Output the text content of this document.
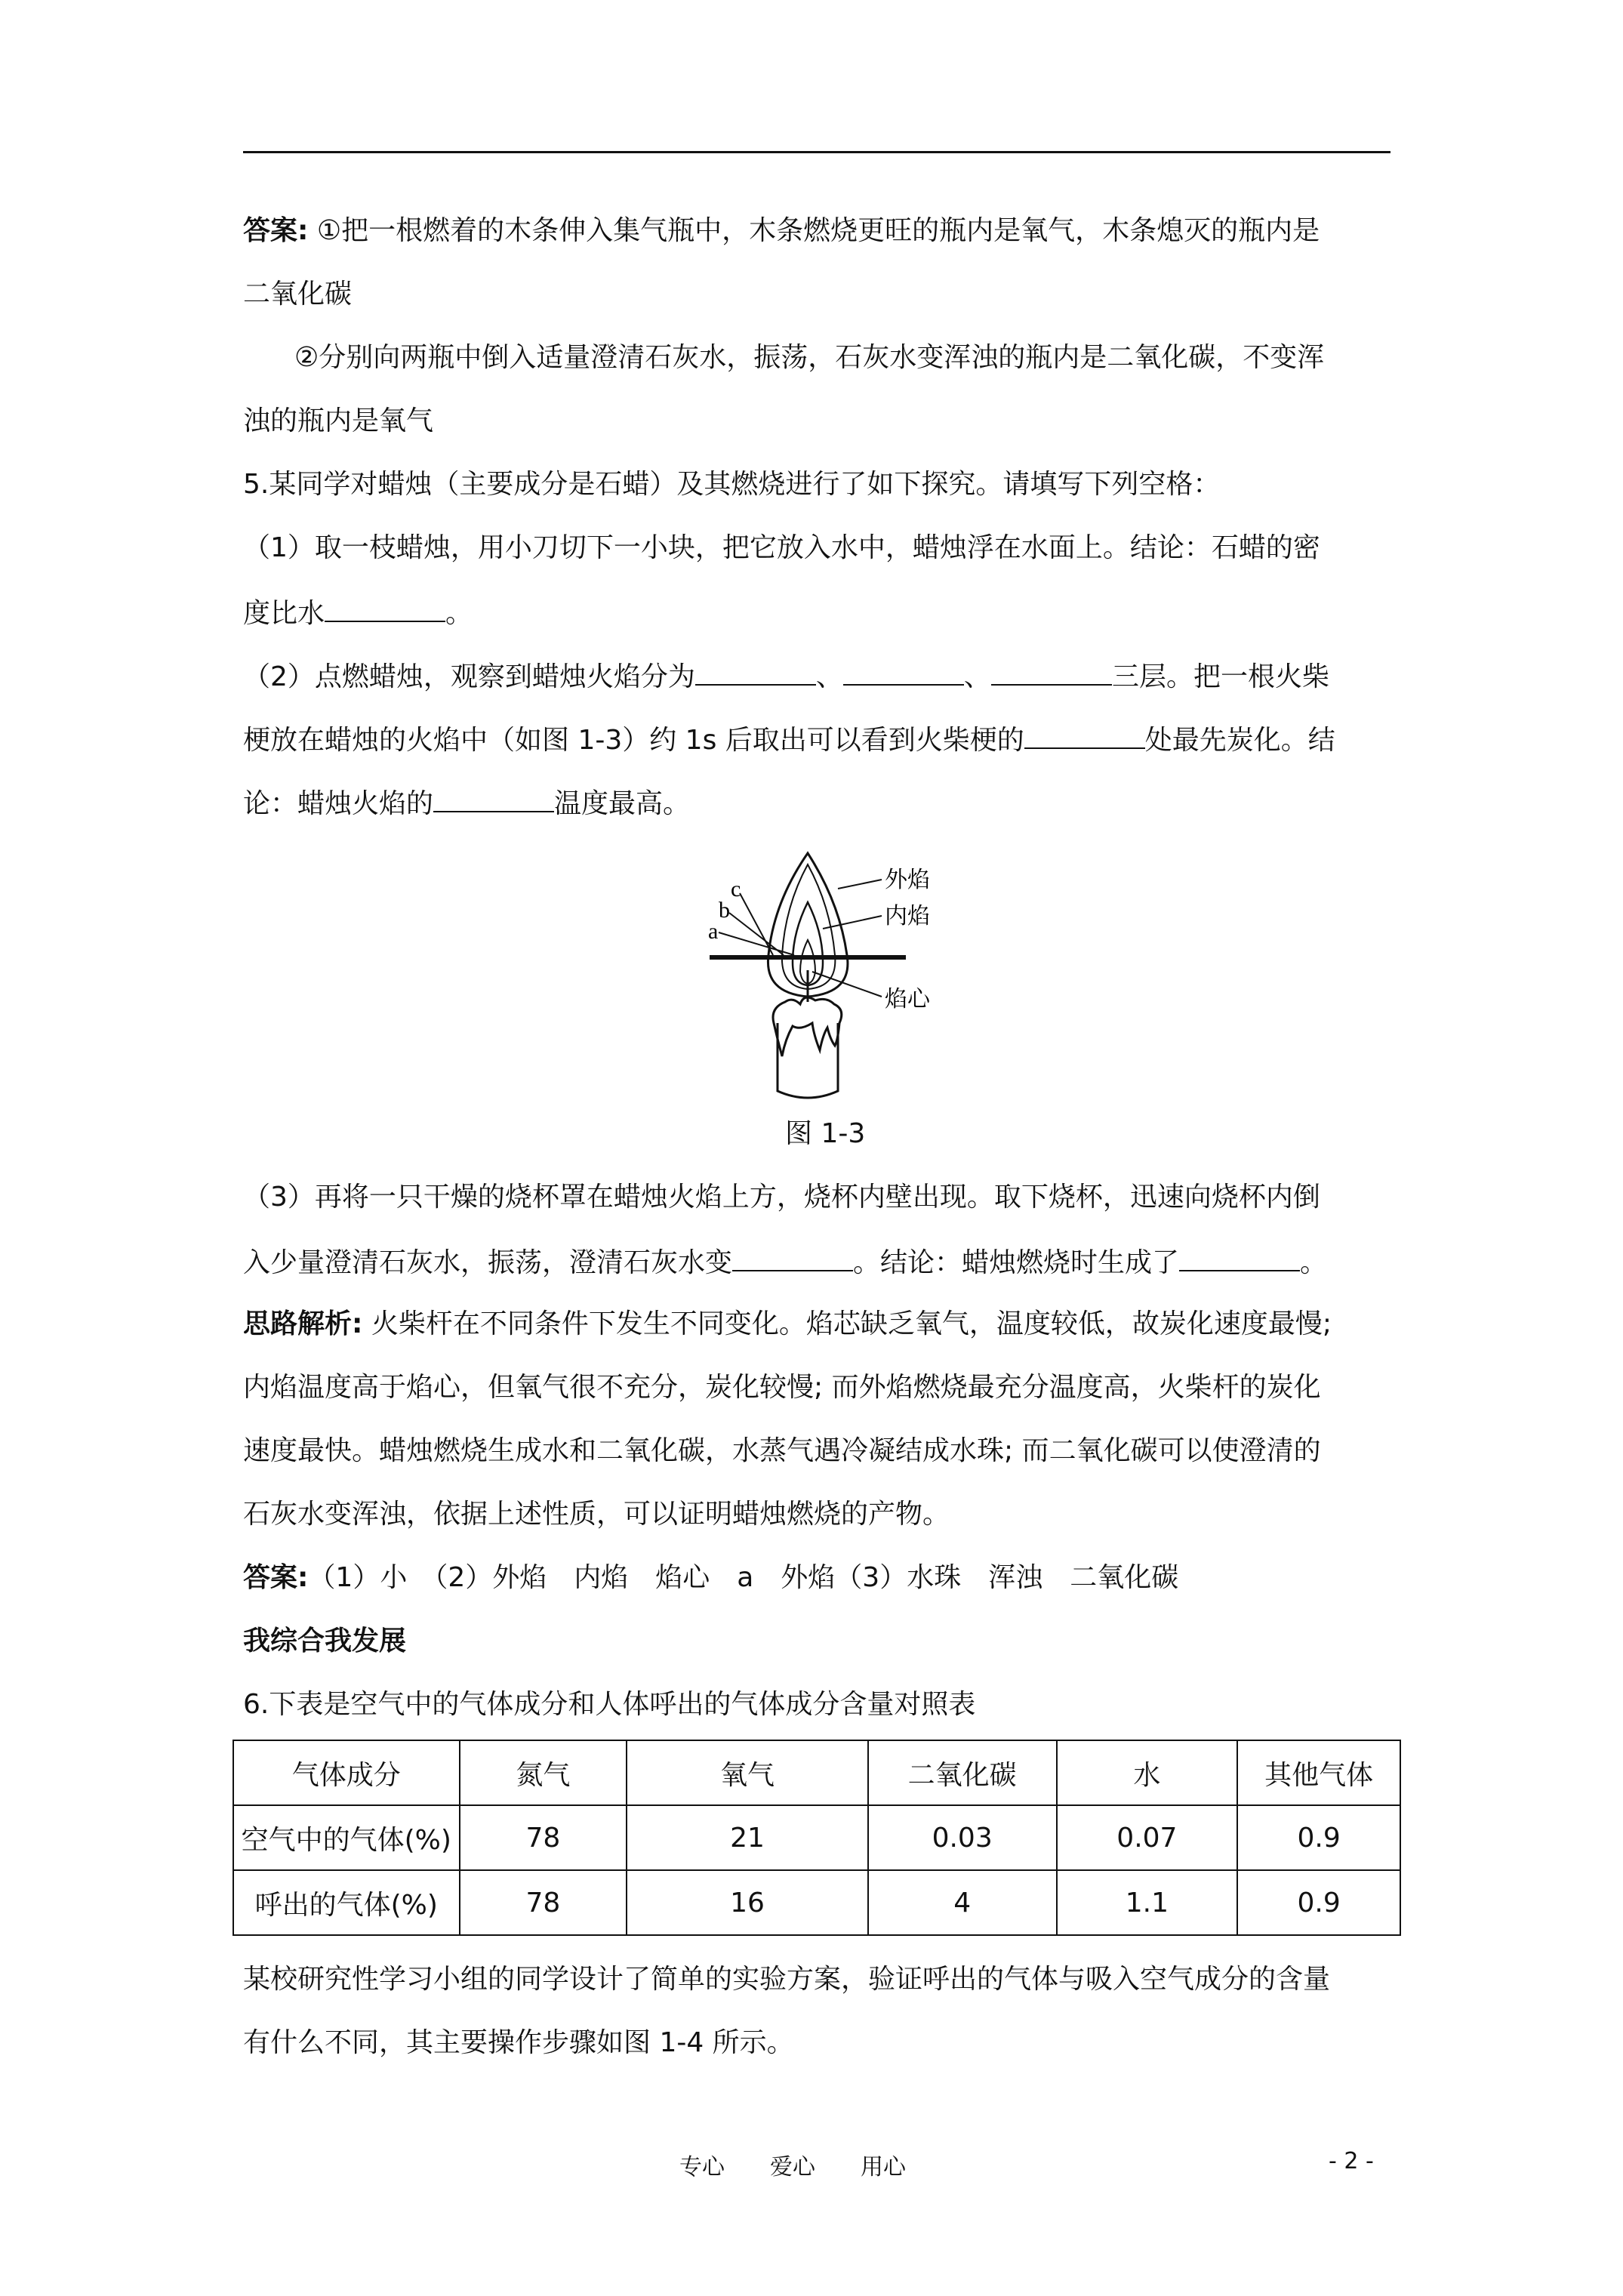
答案: ①把一根燃着的木条伸入集气瓶中，木条燃烧更旺的瓶内是氧气，木条熄灭的瓶内是
二氧化碳
②分别向两瓶中倒入适量澄清石灰水，振荡，石灰水变浑浊的瓶内是二氧化碳，不变浑
浊的瓶内是氧气
5.某同学对蜡烛（主要成分是石蜡）及其燃烧进行了如下探究。请填写下列空格：
（1）取一枝蜡烛，用小刀切下一小块，把它放入水中，蜡烛浮在水面上。结论：石蜡的密
度比水	。
（2）点燃蜡烛，观察到蜡烛火焰分为	、	、	三层。把一根火柴
梗放在蜡烛的火焰中（如图 1-3）约 1s 后取出可以看到火柴梗的	处最先炭化。结
论：蜡烛火焰的	温度最高。
a
b
c	外焰
内焰
焰心
图 1-3
（3）再将一只干燥的烧杯罩在蜡烛火焰上方，烧杯内壁出现。取下烧杯，迅速向烧杯内倒
入少量澄清石灰水，振荡，澄清石灰水变	。结论：蜡烛燃烧时生成了	。
思路解析: 火柴杆在不同条件下发生不同变化。焰芯缺乏氧气，温度较低，故炭化速度最慢;
内焰温度高于焰心，但氧气很不充分，炭化较慢; 而外焰燃烧最充分温度高，火柴杆的炭化
速度最快。蜡烛燃烧生成水和二氧化碳，水蒸气遇冷凝结成水珠; 而二氧化碳可以使澄清的
石灰水变浑浊，依据上述性质，可以证明蜡烛燃烧的产物。
答案:（1）小　（2）外焰　内焰　焰心　a　外焰（3）水珠　浑浊　二氧化碳
我综合我发展
6.下表是空气中的气体成分和人体呼出的气体成分含量对照表
气体成分	氮气	氧气	二氧化碳	水	其他气体
空气中的气体(%)	78	21	0.03	0.07	0.9
呼出的气体(%)	78	16	4	1.1	0.9
某校研究性学习小组的同学设计了简单的实验方案，验证呼出的气体与吸入空气成分的含量
有什么不同，其主要操作步骤如图 1-4 所示。
专心　　爱心　　用心	- 2 -
